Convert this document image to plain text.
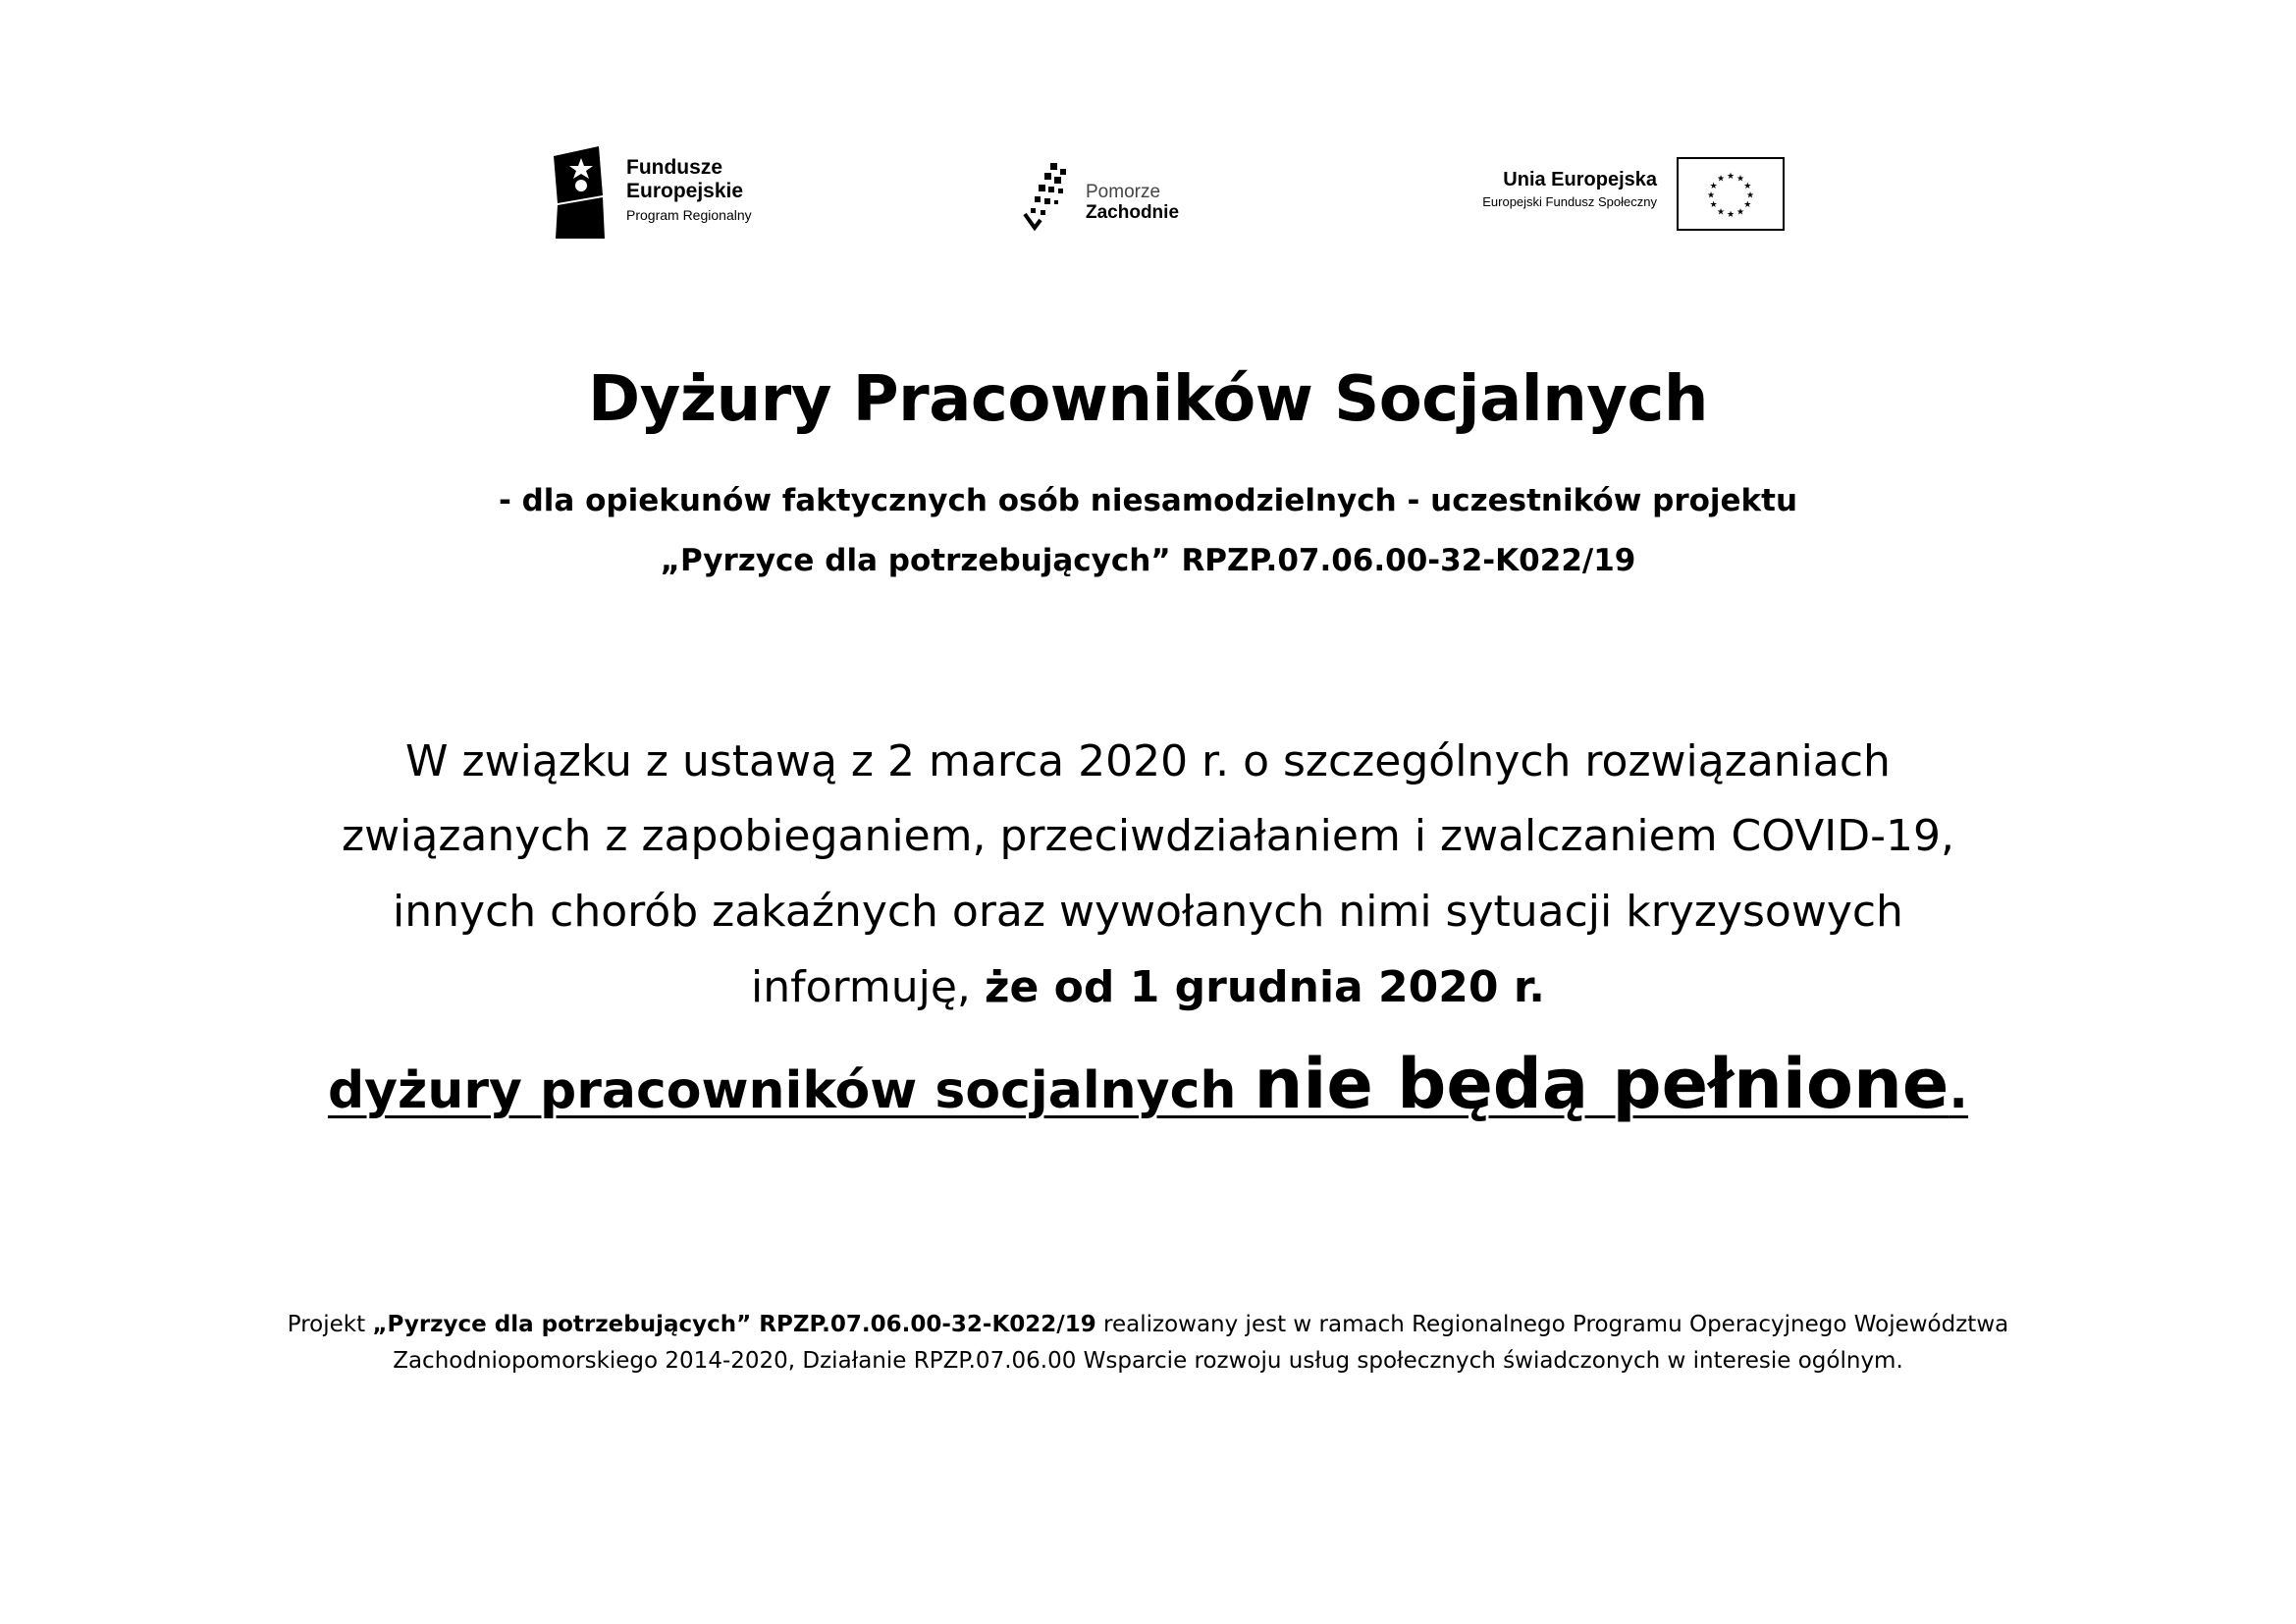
Fundusze
Europejskie
Program Regionalny
Pomorze
Zachodnie
Unia Europejska
Europejski Fundusz Społeczny
★ ★
★
★
★
★
★
★
★
★
★
★
Dyżury Pracowników Socjalnych
- dla opiekunów faktycznych osób niesamodzielnych - uczestników projektu
„Pyrzyce dla potrzebujących” RPZP.07.06.00-32-K022/19
W związku z ustawą z 2 marca 2020 r. o szczególnych rozwiązaniach
związanych z zapobieganiem, przeciwdziałaniem i zwalczaniem COVID-19,
innych chorób zakaźnych oraz wywołanych nimi sytuacji kryzysowych
informuję, że od 1 grudnia 2020 r.
dyżury pracowników socjalnych nie będą pełnione.
Projekt „Pyrzyce dla potrzebujących” RPZP.07.06.00-32-K022/19 realizowany jest w ramach Regionalnego Programu Operacyjnego Województwa
Zachodniopomorskiego 2014-2020, Działanie RPZP.07.06.00 Wsparcie rozwoju usług społecznych świadczonych w interesie ogólnym.
